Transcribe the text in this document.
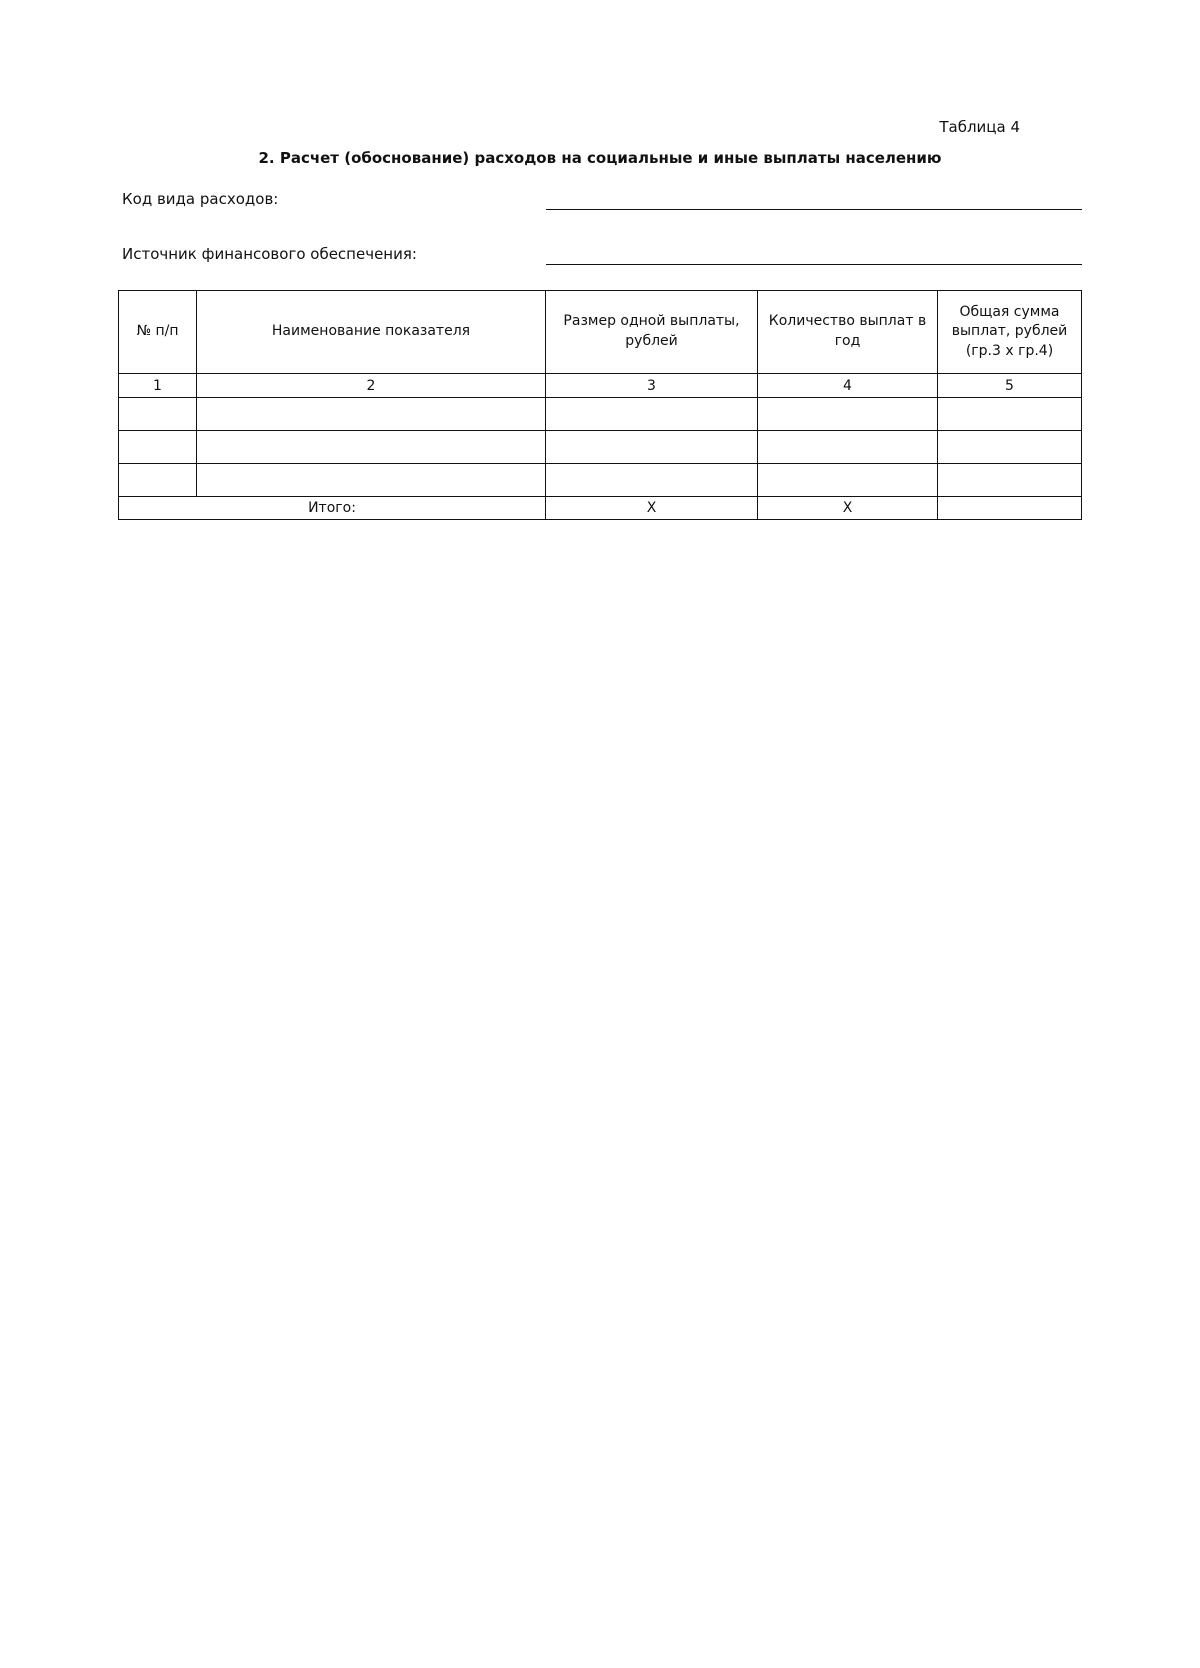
Таблица 4
2. Расчет (обоснование) расходов на социальные и иные выплаты населению
Код вида расходов:
Источник финансового обеспечения:
№ п/п	Наименование показателя	Размер одной выплаты, рублей	Количество выплат в год	Общая сумма выплат, рублей (гр.3 х гр.4)
1	2	3	4	5

Итого:		X	X	
